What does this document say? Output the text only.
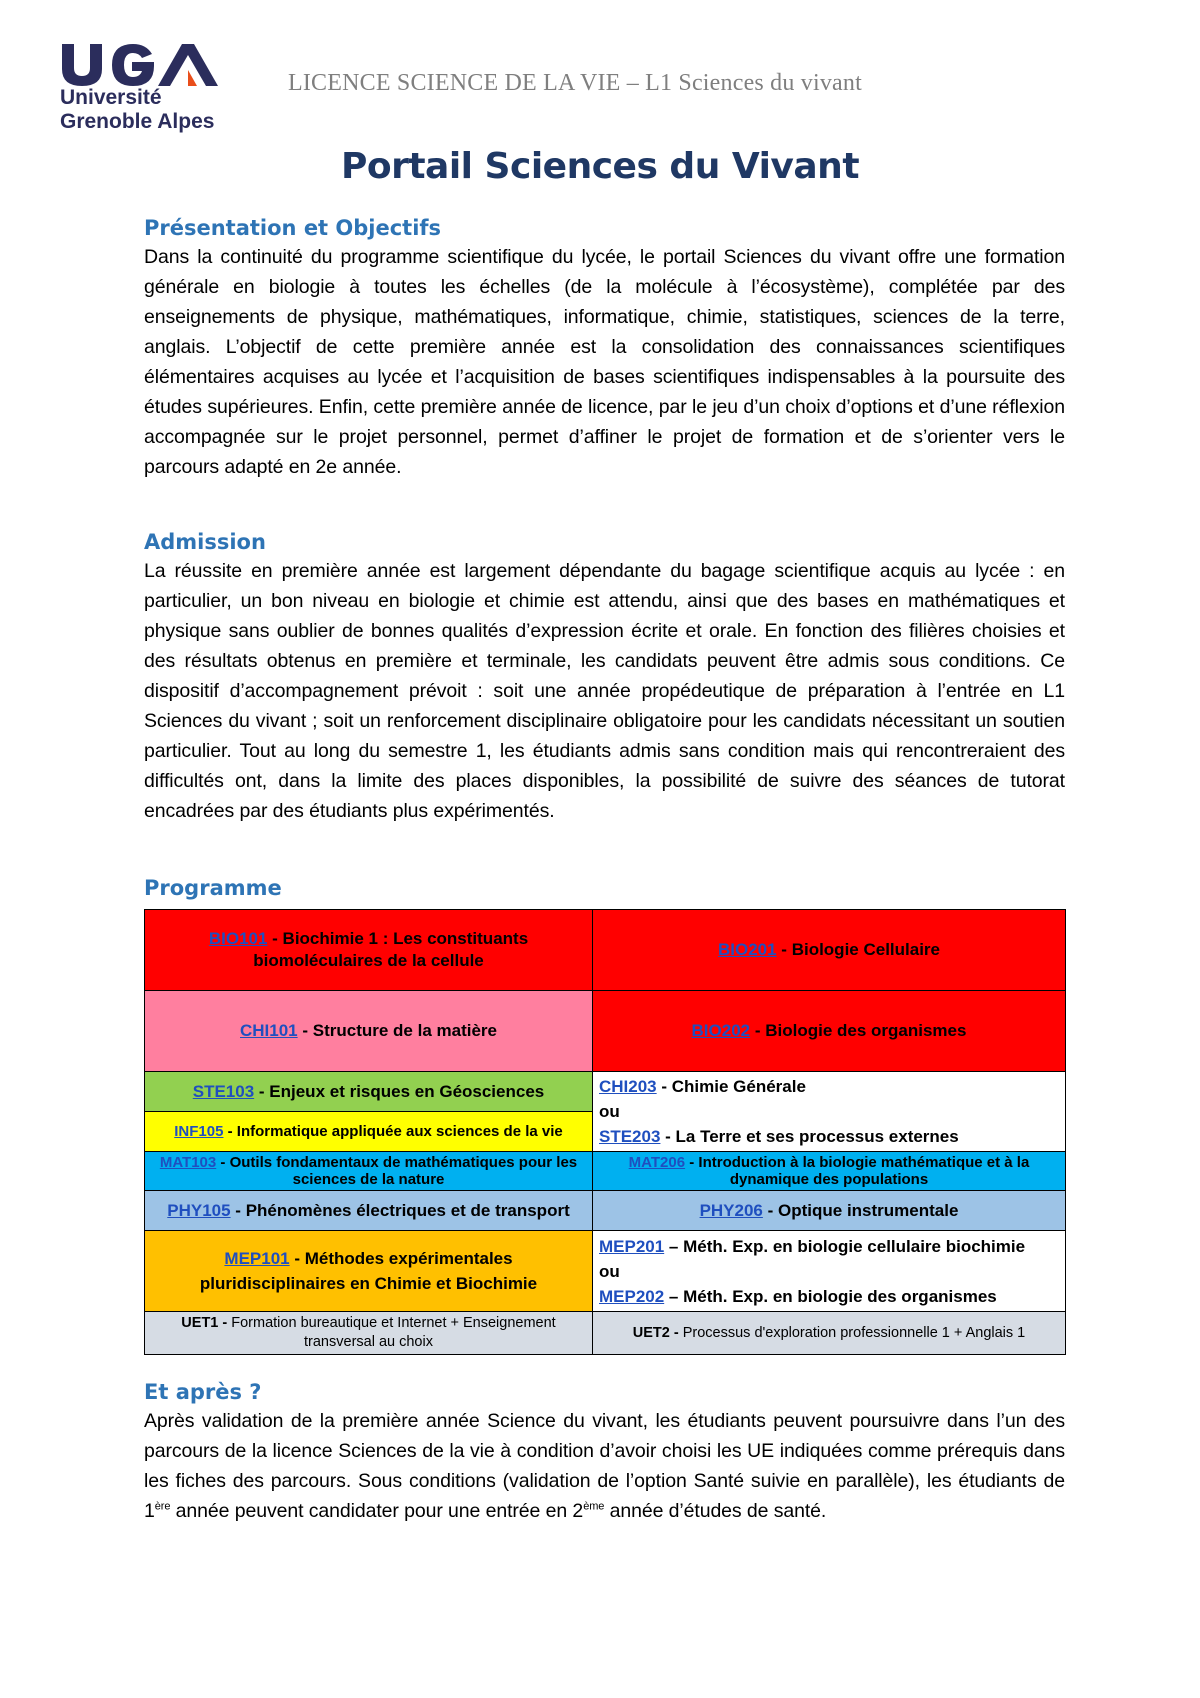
Université
Grenoble Alpes
LICENCE SCIENCE DE LA VIE – L1 Sciences du vivant
Portail Sciences du Vivant
Présentation et Objectifs

Dans la continuité du programme scientifique du lycée, le portail Sciences du vivant offre une formation générale en biologie à toutes les échelles (de la molécule à l’écosystème), complétée par des enseignements de physique, mathématiques, informatique, chimie, statistiques, sciences de la terre, anglais. L’objectif de cette première année est la consolidation des connaissances scientifiques élémentaires acquises au lycée et l’acquisition de bases scientifiques indispensables à la poursuite des études supérieures. Enfin, cette première année de licence, par le jeu d’un choix d’options et d’une réflexion accompagnée sur le projet personnel, permet d’affiner le projet de formation et de s’orienter vers le parcours adapté en 2e année.

Admission

La réussite en première année est largement dépendante du bagage scientifique acquis au lycée : en particulier, un bon niveau en biologie et chimie est attendu, ainsi que des bases en mathématiques et physique sans oublier de bonnes qualités d’expression écrite et orale. En fonction des filières choisies et des résultats obtenus en première et terminale, les candidats peuvent être admis sous conditions. Ce dispositif d’accompagnement prévoit : soit une année propédeutique de préparation à l’entrée en L1 Sciences du vivant ; soit un renforcement disciplinaire obligatoire pour les candidats nécessitant un soutien particulier. Tout au long du semestre 1, les étudiants admis sans condition mais qui rencontreraient des difficultés ont, dans la limite des places disponibles, la possibilité de suivre des séances de tutorat encadrées par des étudiants plus expérimentés.

Programme
BIO101 - Biochimie 1 : Les constituants biomoléculaires de la cellule	BIO201 - Biologie Cellulaire
CHI101 - Structure de la matière	BIO202 - Biologie des organismes
STE103 - Enjeux et risques en Géosciences	CHI203 - Chimie Générale
ou
STE203 - La Terre et ses processus externes

INF105 - Informatique appliquée aux sciences de la vie	
MAT103 - Outils fondamentaux de mathématiques pour les sciences de la nature	MAT206 - Introduction à la biologie mathématique et à la dynamique des populations
PHY105 - Phénomènes électriques et de transport	PHY206 - Optique instrumentale
MEP101 - Méthodes expérimentales pluridisciplinaires en Chimie et Biochimie	MEP201 – Méth. Exp. en biologie cellulaire biochimie
ou
MEP202 – Méth. Exp. en biologie des organismes

UET1 - Formation bureautique et Internet + Enseignement transversal au choix	UET2 - Processus d'exploration professionnelle 1 + Anglais 1
Et après ?

Après validation de la première année Science du vivant, les étudiants peuvent poursuivre dans l’un des parcours de la licence Sciences de la vie à condition d’avoir choisi les UE indiquées comme prérequis dans les fiches des parcours. Sous conditions (validation de l’option Santé suivie en parallèle), les étudiants de 1ère année peuvent candidater pour une entrée en 2ème année d’études de santé.
